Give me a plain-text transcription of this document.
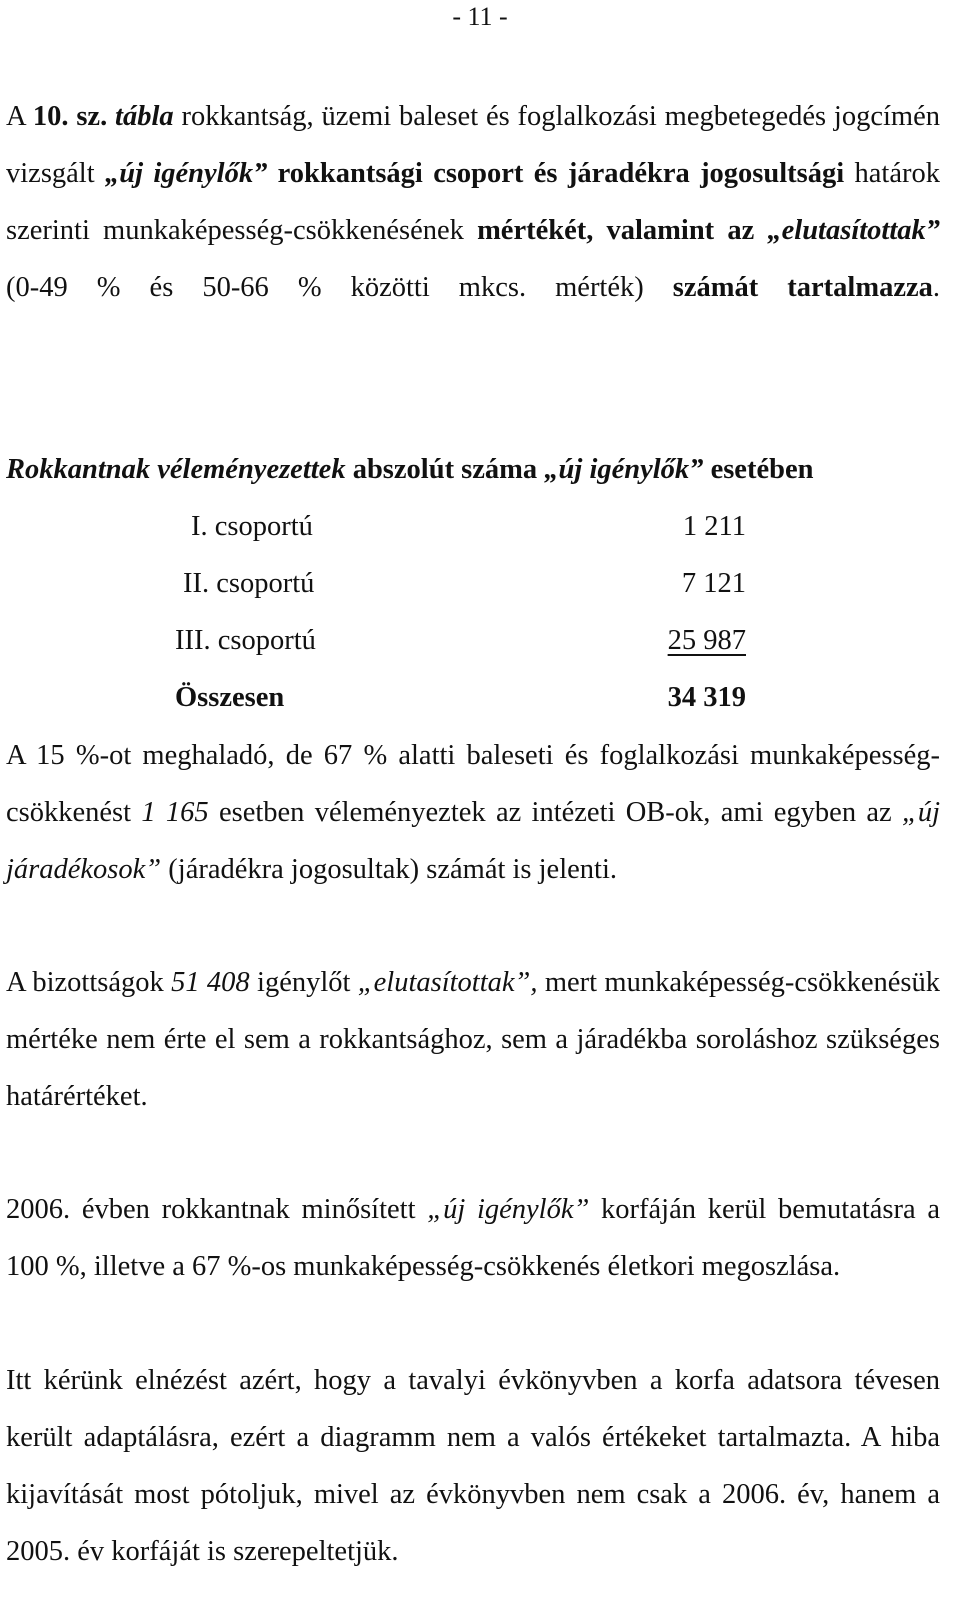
- 11 -

A 10. sz. tábla rokkantság, üzemi baleset és foglalkozási megbetegedés jogcímén vizsgált „új igénylők” rokkantsági csoport és járadékra jogosultsági határok szerinti munkaképesség-csökkenésének mértékét, valamint az „elutasítottak” (0-49 % és 50-66 % közötti mkcs. mérték) számát tartalmazza.

Rokkantnak véleményezettek abszolút száma „új igénylők” esetében
I. csoportú	1 211
II. csoportú	7 121
III. csoportú	25 987
Összesen	34 319

A 15 %-ot meghaladó, de 67 % alatti baleseti és foglalkozási munkaképesség-csökkenést 1 165 esetben véleményeztek az intézeti OB-ok, ami egyben az „új járadékosok” (járadékra jogosultak) számát is jelenti.

A bizottságok 51 408 igénylőt „elutasítottak”, mert munkaképesség-csökkenésük mértéke nem érte el sem a rokkantsághoz, sem a járadékba soroláshoz szükséges határértéket.

2006. évben rokkantnak minősített „új igénylők” korfáján kerül bemutatásra a 100 %, illetve a 67 %-os munkaképesség-csökkenés életkori megoszlása.

Itt kérünk elnézést azért, hogy a tavalyi évkönyvben a korfa adatsora tévesen került adaptálásra, ezért a diagramm nem a valós értékeket tartalmazta. A hiba kijavítását most pótoljuk, mivel az évkönyvben nem csak a 2006. év, hanem a 2005. év korfáját is szerepeltetjük.
